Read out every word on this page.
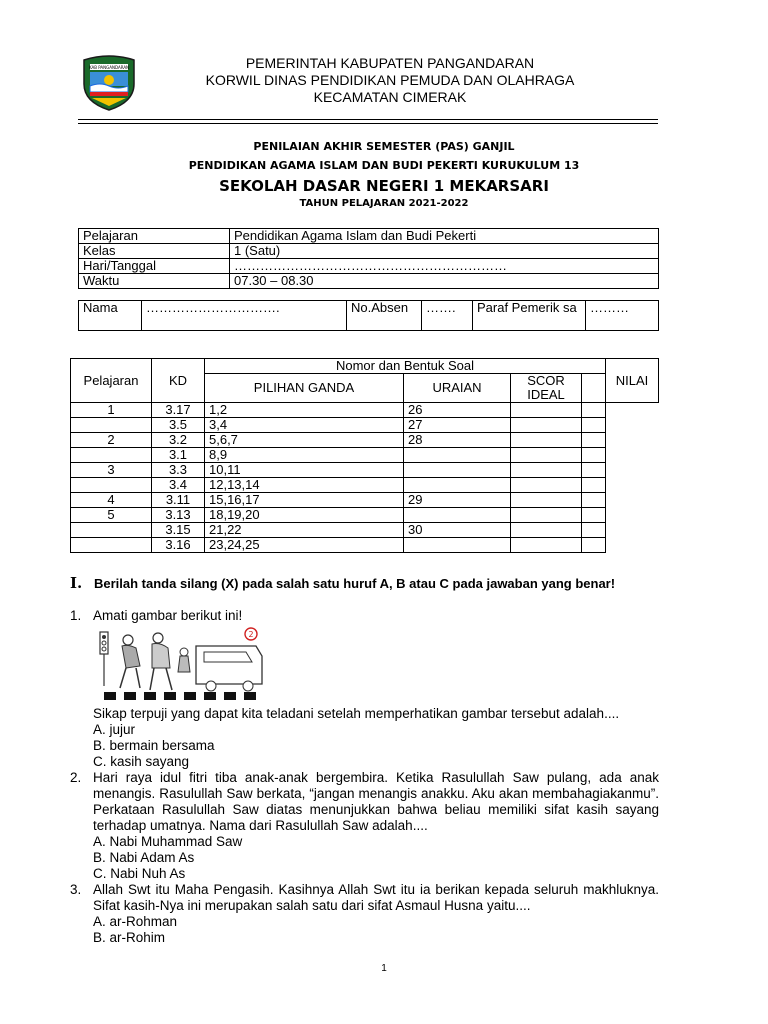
KAB PANGANDARAN	PEMERINTAH KABUPATEN PANGANDARAN
KORWIL DINAS PENDIDIKAN PEMUDA DAN OLAHRAGA
KECAMATAN CIMERAK
PENILAIAN AKHIR SEMESTER (PAS) GANJIL
PENDIDIKAN AGAMA ISLAM DAN BUDI PEKERTI KURUKULUM 13
SEKOLAH DASAR NEGERI 1 MEKARSARI
TAHUN PELAJARAN 2021-2022
Pelajaran	Pendidikan Agama Islam dan Budi Pekerti
Kelas	1 (Satu)
Hari/Tanggal	………………………………………………………
Waktu	07.30 – 08.30
Nama	………………………….	No.Absen	…….	Paraf Pemerik sa	………
Pelajaran	KD	Nomor dan Bentuk Soal				NILAI
		PILIHAN GANDA	URAIAN	SCOR IDEAL	
1	3.17	1,2	26			
	3.5	3,4	27			
2	3.2	5,6,7	28			
	3.1	8,9				
3	3.3	10,11				
	3.4	12,13,14				
4	3.11	15,16,17	29			
5	3.13	18,19,20				
	3.15	21,22	30			
	3.16	23,24,25				
I. Berilah tanda silang (X) pada salah satu huruf A, B atau C pada jawaban yang benar!
1. Amati gambar berikut ini!
2
Sikap terpuji yang dapat kita teladani setelah memperhatikan gambar tersebut adalah....
A. jujur
B. bermain bersama
C. kasih sayang
2. Hari raya idul fitri tiba anak-anak bergembira. Ketika Rasulullah Saw pulang, ada anak menangis. Rasulullah Saw berkata, “jangan menangis anakku. Aku akan membahagiakanmu”. Perkataan Rasulullah Saw diatas menunjukkan bahwa beliau memiliki sifat kasih sayang terhadap umatnya. Nama dari Rasulullah Saw adalah....
A. Nabi Muhammad Saw
B. Nabi Adam As
C. Nabi Nuh As
3. Allah Swt itu Maha Pengasih. Kasihnya Allah Swt itu ia berikan kepada seluruh makhluknya. Sifat kasih-Nya ini merupakan salah satu dari sifat Asmaul Husna yaitu....
A. ar-Rohman
B. ar-Rohim
1
